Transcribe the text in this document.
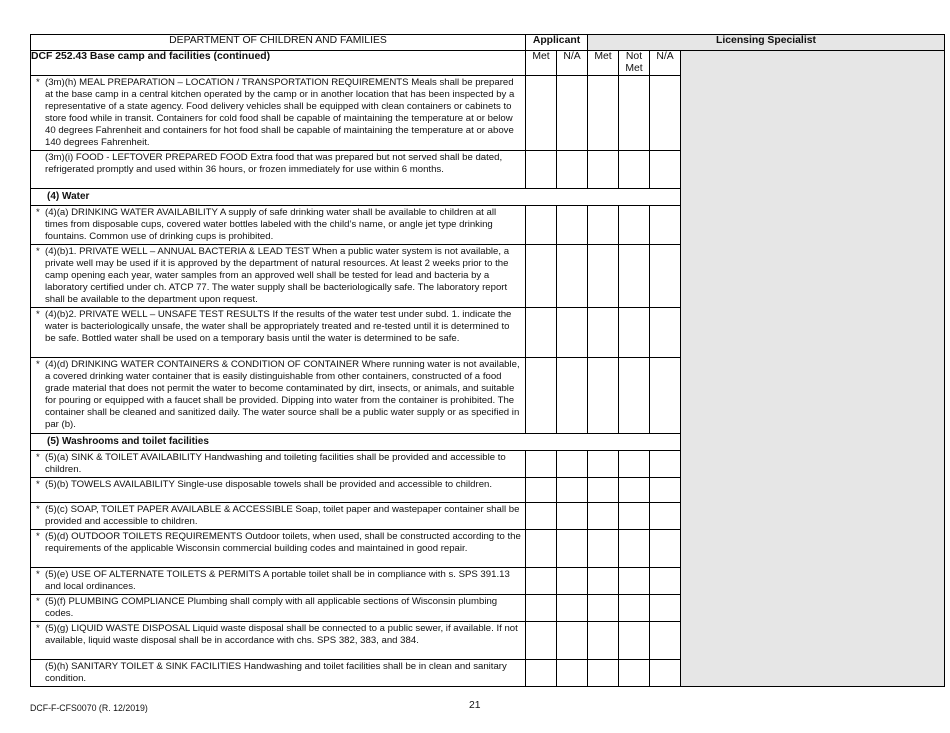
DEPARTMENT OF CHILDREN AND FAMILIES	Applicant		Licensing Specialist			
DCF 252.43 Base camp and facilities (continued)	Met	N/A	Met	Not Met	N/A	

* (3m)(h) MEAL PREPARATION – LOCATION / TRANSPORTATION REQUIREMENTS Meals shall be prepared at the base camp in a central kitchen operated by the camp or in another location that has been inspected by a representative of a state agency. Food delivery vehicles shall be equipped with clean containers or cabinets to store food while in transit. Containers for cold food shall be capable of maintaining the temperature at or below 40 degrees Fahrenheit and containers for hot food shall be capable of maintaining the temperature at or above 140 degrees Fahrenheit.						

(3m)(i) FOOD - LEFTOVER PREPARED FOOD Extra food that was prepared but not served shall be dated, refrigerated promptly and used within 36 hours, or frozen immediately for use within 6 months.						
(4) Water						

* (4)(a) DRINKING WATER AVAILABILITY A supply of safe drinking water shall be available to children at all times from disposable cups, covered water bottles labeled with the child’s name, or angle jet type drinking fountains. Common use of drinking cups is prohibited.						

* (4)(b)1. PRIVATE WELL – ANNUAL BACTERIA & LEAD TEST When a public water system is not available, a private well may be used if it is approved by the department of natural resources. At least 2 weeks prior to the camp opening each year, water samples from an approved well shall be tested for lead and bacteria by a laboratory certified under ch. ATCP 77. The water supply shall be bacteriologically safe. The laboratory report shall be available to the department upon request.						

* (4)(b)2. PRIVATE WELL – UNSAFE TEST RESULTS If the results of the water test under subd. 1. indicate the water is bacteriologically unsafe, the water shall be appropriately treated and re-tested until it is determined to be safe. Bottled water shall be used on a temporary basis until the water is determined to be safe.						

* (4)(d) DRINKING WATER CONTAINERS & CONDITION OF CONTAINER Where running water is not available, a covered drinking water container that is easily distinguishable from other containers, constructed of a food grade material that does not permit the water to become contaminated by dirt, insects, or animals, and suitable for pouring or equipped with a faucet shall be provided. Dipping into water from the container is prohibited. The container shall be cleaned and sanitized daily. The water source shall be a public water supply or as specified in par (b).						
(5) Washrooms and toilet facilities						

* (5)(a) SINK & TOILET AVAILABILITY Handwashing and toileting facilities shall be provided and accessible to children.						

* (5)(b) TOWELS AVAILABILITY Single-use disposable towels shall be provided and accessible to children.						

* (5)(c) SOAP, TOILET PAPER AVAILABLE & ACCESSIBLE Soap, toilet paper and wastepaper container shall be provided and accessible to children.						

* (5)(d) OUTDOOR TOILETS REQUIREMENTS Outdoor toilets, when used, shall be constructed according to the requirements of the applicable Wisconsin commercial building codes and maintained in good repair.						

* (5)(e) USE OF ALTERNATE TOILETS & PERMITS A portable toilet shall be in compliance with s. SPS 391.13 and local ordinances.						

* (5)(f) PLUMBING COMPLIANCE Plumbing shall comply with all applicable sections of Wisconsin plumbing codes.						

* (5)(g) LIQUID WASTE DISPOSAL Liquid waste disposal shall be connected to a public sewer, if available. If not available, liquid waste disposal shall be in accordance with chs. SPS 382, 383, and 384.						

(5)(h) SANITARY TOILET & SINK FACILITIES Handwashing and toilet facilities shall be in clean and sanitary condition.						
DCF-F-CFS0070 (R. 12/2019)	21
